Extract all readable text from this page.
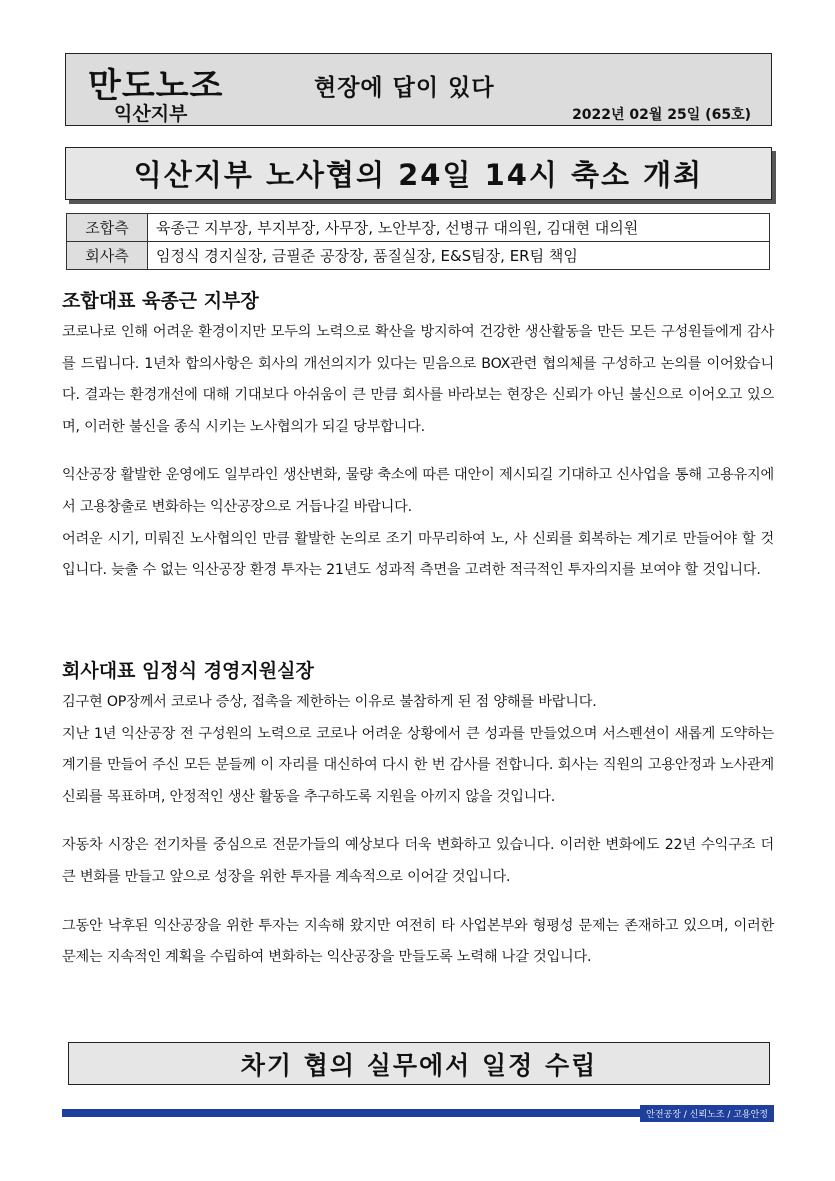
만도노조
익산지부
현장에 답이 있다
2022년 02월 25일 (65호)
익산지부 노사협의 24일 14시 축소 개최
조합측	육종근 지부장, 부지부장, 사무장, 노안부장, 선병규 대의원, 김대현 대의원
회사측	임정식 경지실장, 금필준 공장장, 품질실장, E&S팀장, ER팀 책임
조합대표 육종근 지부장

코로나로 인해 어려운 환경이지만 모두의 노력으로 확산을 방지하여 건강한 생산활동을 만든 모든 구성원들에게 감사를 드립니다. 1년차 합의사항은 회사의 개선의지가 있다는 믿음으로 BOX관련 협의체를 구성하고 논의를 이어왔습니다. 결과는 환경개선에 대해 기대보다 아쉬움이 큰 만큼 회사를 바라보는 현장은 신뢰가 아닌 불신으로 이어오고 있으며, 이러한 불신을 종식 시키는 노사협의가 되길 당부합니다.

익산공장 활발한 운영에도 일부라인 생산변화, 물량 축소에 따른 대안이 제시되길 기대하고 신사업을 통해 고용유지에서 고용창출로 변화하는 익산공장으로 거듭나길 바랍니다.

어려운 시기, 미뤄진 노사협의인 만큼 활발한 논의로 조기 마무리하여 노, 사 신뢰를 회복하는 계기로 만들어야 할 것입니다. 늦출 수 없는 익산공장 환경 투자는 21년도 성과적 측면을 고려한 적극적인 투자의지를 보여야 할 것입니다.

회사대표 임정식 경영지원실장

김구현 OP장께서 코로나 증상, 접촉을 제한하는 이유로 불참하게 된 점 양해를 바랍니다.

지난 1년 익산공장 전 구성원의 노력으로 코로나 어려운 상황에서 큰 성과를 만들었으며 서스펜션이 새롭게 도약하는 계기를 만들어 주신 모든 분들께 이 자리를 대신하여 다시 한 번 감사를 전합니다. 회사는 직원의 고용안정과 노사관계 신뢰를 목표하며, 안정적인 생산 활동을 추구하도록 지원을 아끼지 않을 것입니다.

자동차 시장은 전기차를 중심으로 전문가들의 예상보다 더욱 변화하고 있습니다. 이러한 변화에도 22년 수익구조 더 큰 변화를 만들고 앞으로 성장을 위한 투자를 계속적으로 이어갈 것입니다.

그동안 낙후된 익산공장을 위한 투자는 지속해 왔지만 여전히 타 사업본부와 형평성 문제는 존재하고 있으며, 이러한 문제는 지속적인 계획을 수립하여 변화하는 익산공장을 만들도록 노력해 나갈 것입니다.

차기 협의 실무에서 일정 수립
안전공장 / 신뢰노조 / 고용안정
